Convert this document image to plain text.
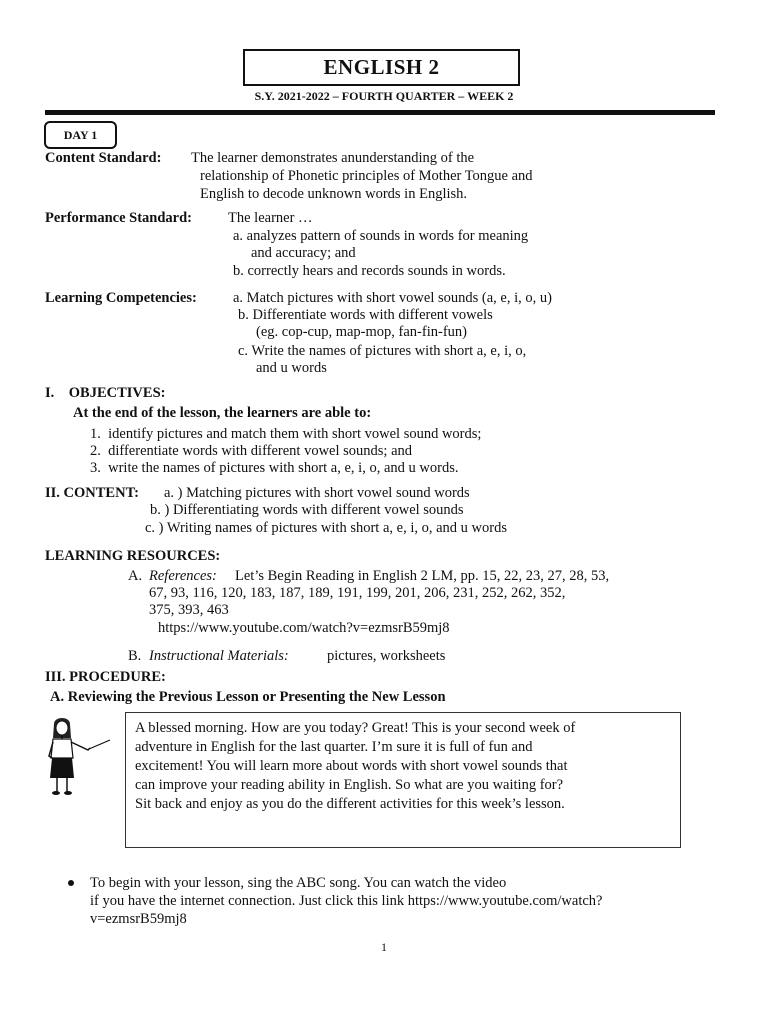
ENGLISH 2
S.Y. 2021-2022 – FOURTH QUARTER – WEEK 2
DAY 1
Content Standard: The learner demonstrates anunderstanding of the
relationship of Phonetic principles of Mother Tongue and
English to decode unknown words in English.
Performance Standard: The learner …
a. analyzes pattern of sounds in words for meaning
and accuracy; and
b. correctly hears and records sounds in words.
Learning Competencies: a. Match pictures with short vowel sounds (a, e, i, o, u)
b. Differentiate words with different vowels
(eg. cop-cup, map-mop, fan-fin-fun)
c. Write the names of pictures with short a, e, i, o,
and u words
I.    OBJECTIVES:
At the end of the lesson, the learners are able to:
1.  identify pictures and match them with short vowel sound words;
2.  differentiate words with different vowel sounds; and
3.  write the names of pictures with short a, e, i, o, and u words.
II. CONTENT: a. ) Matching pictures with short vowel sound words
b. ) Differentiating words with different vowel sounds
c. ) Writing names of pictures with short a, e, i, o, and u words
LEARNING RESOURCES:
A. References: Let’s Begin Reading in English 2 LM, pp. 15, 22, 23, 27, 28, 53,
67, 93, 116, 120, 183, 187, 189, 191, 199, 201, 206, 231, 252, 262, 352,
375, 393, 463
https://www.youtube.com/watch?v=ezmsrB59mj8
B. Instructional Materials:	pictures, worksheets
III. PROCEDURE:
A. Reviewing the Previous Lesson or Presenting the New Lesson
A blessed morning. How are you today? Great! This is your second week of
adventure in English for the last quarter. I’m sure it is full of fun and
excitement! You will learn more about words with short vowel sounds that
can improve your reading ability in English. So what are you waiting for?
Sit back and enjoy as you do the different activities for this week’s lesson.
To begin with your lesson, sing the ABC song. You can watch the video
if you have the internet connection. Just click this link https://www.youtube.com/watch?
v=ezmsrB59mj8
1
